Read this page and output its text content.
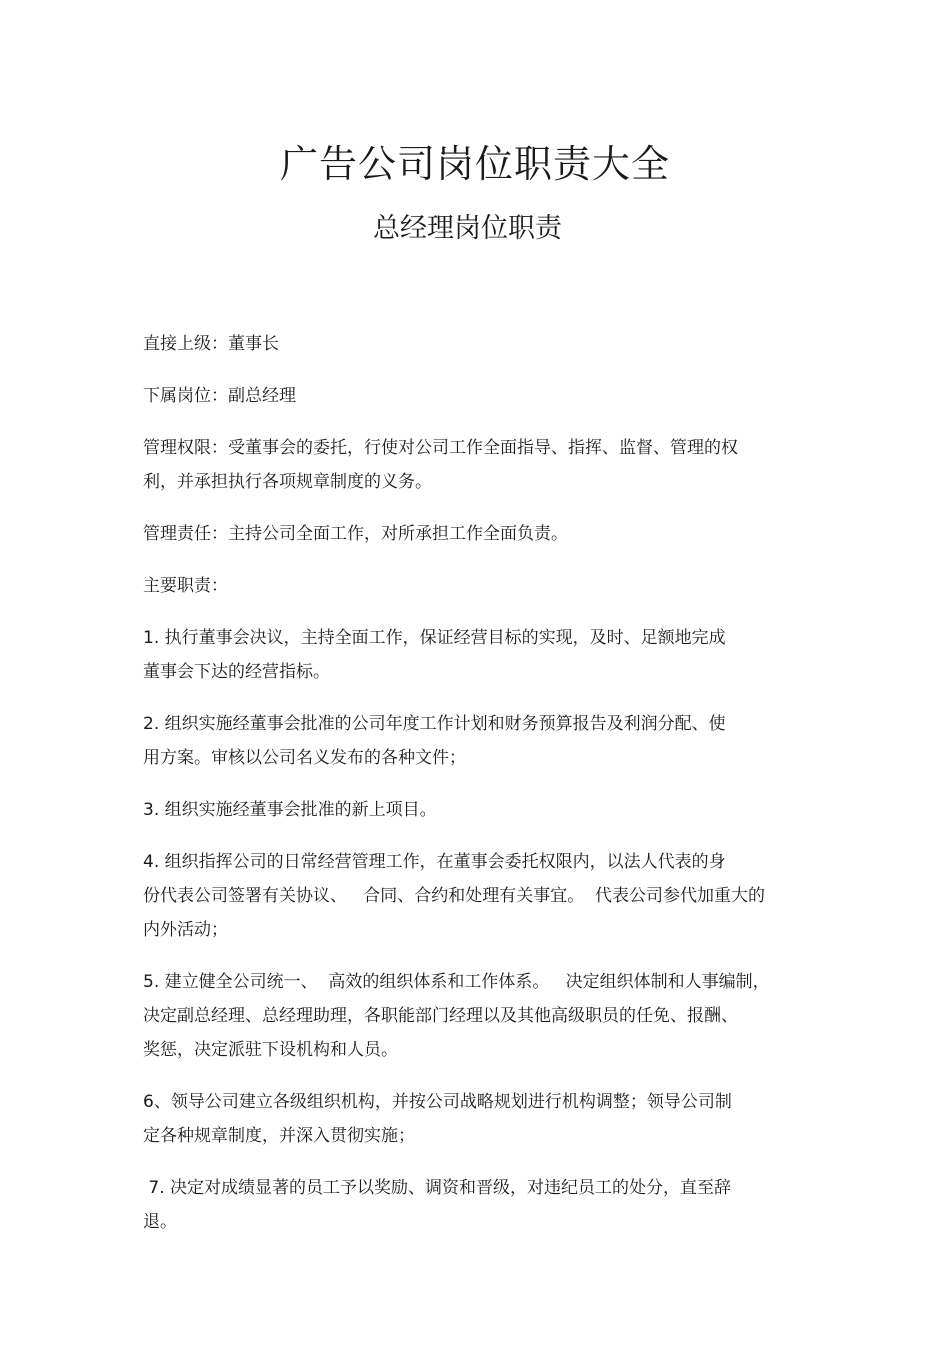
广告公司岗位职责大全
总经理岗位职责
直接上级：董事长
下属岗位：副总经理
管理权限：受董事会的委托，行使对公司工作全面指导、指挥、监督、管理的权
利，并承担执行各项规章制度的义务。
管理责任：主持公司全面工作，对所承担工作全面负责。
主要职责：
1. 执行董事会决议，主持全面工作，保证经营目标的实现，及时、足额地完成
董事会下达的经营指标。
2. 组织实施经董事会批准的公司年度工作计划和财务预算报告及利润分配、使
用方案。审核以公司名义发布的各种文件；
3. 组织实施经董事会批准的新上项目。
4. 组织指挥公司的日常经营管理工作，在董事会委托权限内，以法人代表的身
份代表公司签署有关协议、   合同、合约和处理有关事宜。  代表公司参代加重大的
内外活动；
5. 建立健全公司统一、  高效的组织体系和工作体系。   决定组织体制和人事编制，
决定副总经理、总经理助理，各职能部门经理以及其他高级职员的任免、报酬、
奖惩，决定派驻下设机构和人员。
6、领导公司建立各级组织机构，并按公司战略规划进行机构调整；领导公司制
定各种规章制度，并深入贯彻实施；
7. 决定对成绩显著的员工予以奖励、调资和晋级，对违纪员工的处分，直至辞
退。
